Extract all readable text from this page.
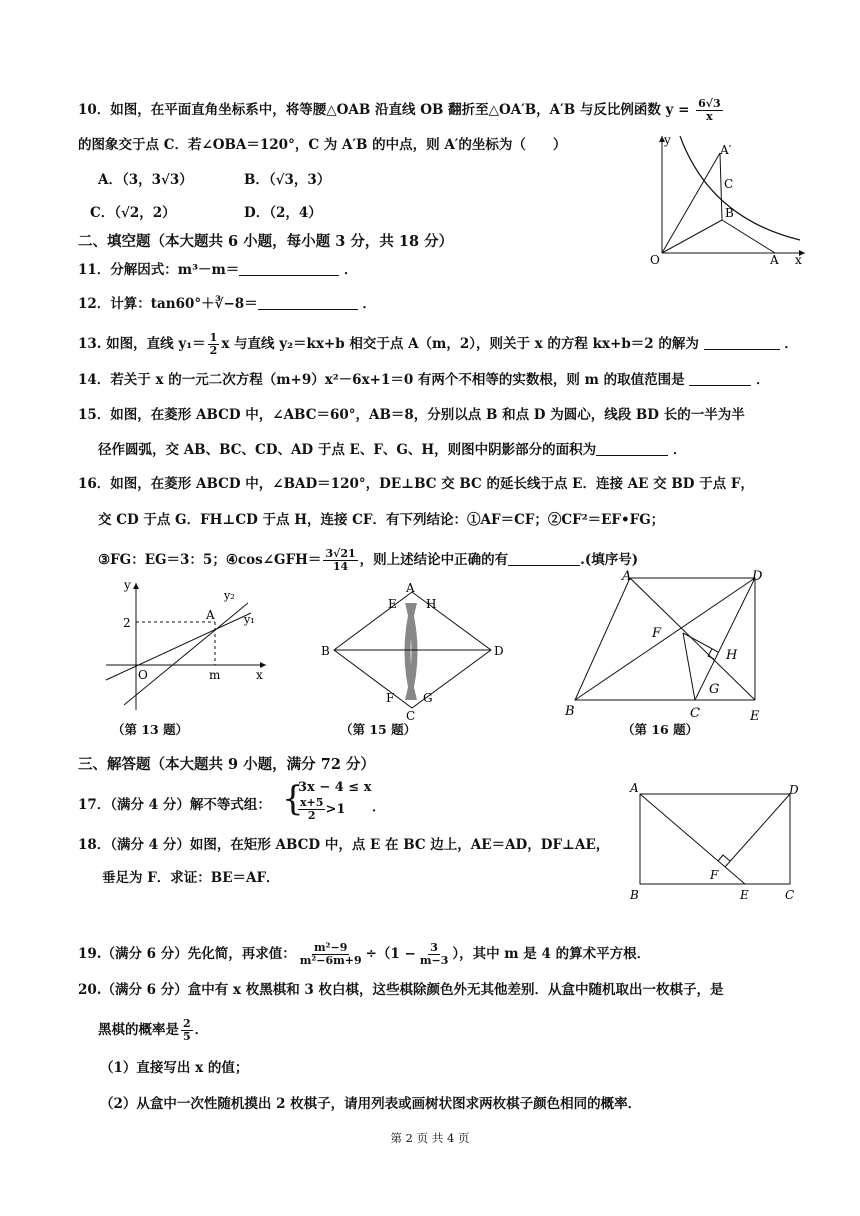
10．如图，在平面直角坐标系中，将等腰△OAB 沿直线 OB 翻折至△OA′B，A′B 与反比例函数 $y = \frac{6√3}{x}$
的图象交于点 C．若∠OBA＝120°，C 为 A′B 的中点，则 A′的坐标为（　　）
A．（3，3√3）	B．（√3，3）
C．（√2，2）	D．（2，4）
y
x
O	A
A′
C
B
二、填空题（本大题共 6 小题，每小题 3 分，共 18 分）
11．分解因式：m³－m＝	．
12．计算：tan60°＋∛−8＝	．
13. 如图，直线 $y_1= \frac{1}{2}$ x 与直线 y₂＝kx+b 相交于点 A（m，2），则关于 x 的方程 kx+b＝2 的解为	．
14．若关于 x 的一元二次方程（m+9）x²－6x+1＝0 有两个不相等的实数根，则 m 的取值范围是	．
15．如图，在菱形 ABCD 中，∠ABC＝60°，AB＝8，分别以点 B 和点 D 为圆心，线段 BD 长的一半为半
径作圆弧，交 AB、BC、CD、AD 于点 E、F、G、H，则图中阴影部分的面积为	．
16．如图，在菱形 ABCD 中，∠BAD＝120°，DE⊥BC 交 BC 的延长线于点 E．连接 AE 交 BD 于点 F，
交 CD 于点 G．FH⊥CD 于点 H，连接 CF．有下列结论：①AF＝CF；②CF²＝EF•FG；
③FG：EG＝3：5；④cos∠GFH＝ $\frac{3√21}{14}$ ，则上述结论中正确的有	.(填序号)
y
x
O
A
m
2	y₁
y₂
（第 13 题）
A
B
C
D
E
F G
H
（第 15 题）
A	D
B	C	E
F
G
H
（第 16 题）
三、解答题（本大题共 9 小题，满分 72 分）
17．（满分 4 分）解不等式组： {
3x − 4 ≤ x
$\frac{x+5}{2} >1$ ．
18．（满分 4 分）如图，在矩形 ABCD 中，点 E 在 BC 边上，AE＝AD，DF⊥AE，
垂足为 F．求证：BE＝AF．
A	D
B	C
E
F
19.（满分 6 分）先化简，再求值： $\frac{\text{m²−9}}{\text{m²−6m+9}} \div(1 - \frac{3}{m-3}$ ），其中 m 是 4 的算术平方根．
20.（满分 6 分）盒中有 x 枚黑棋和 3 枚白棋，这些棋除颜色外无其他差别．从盒中随机取出一枚棋子，是
黑棋的概率是 $\frac{2}{5}$ ．
（1）直接写出 x 的值；
（2）从盒中一次性随机摸出 2 枚棋子，请用列表或画树状图求两枚棋子颜色相同的概率．
第 2 页 共 4 页
